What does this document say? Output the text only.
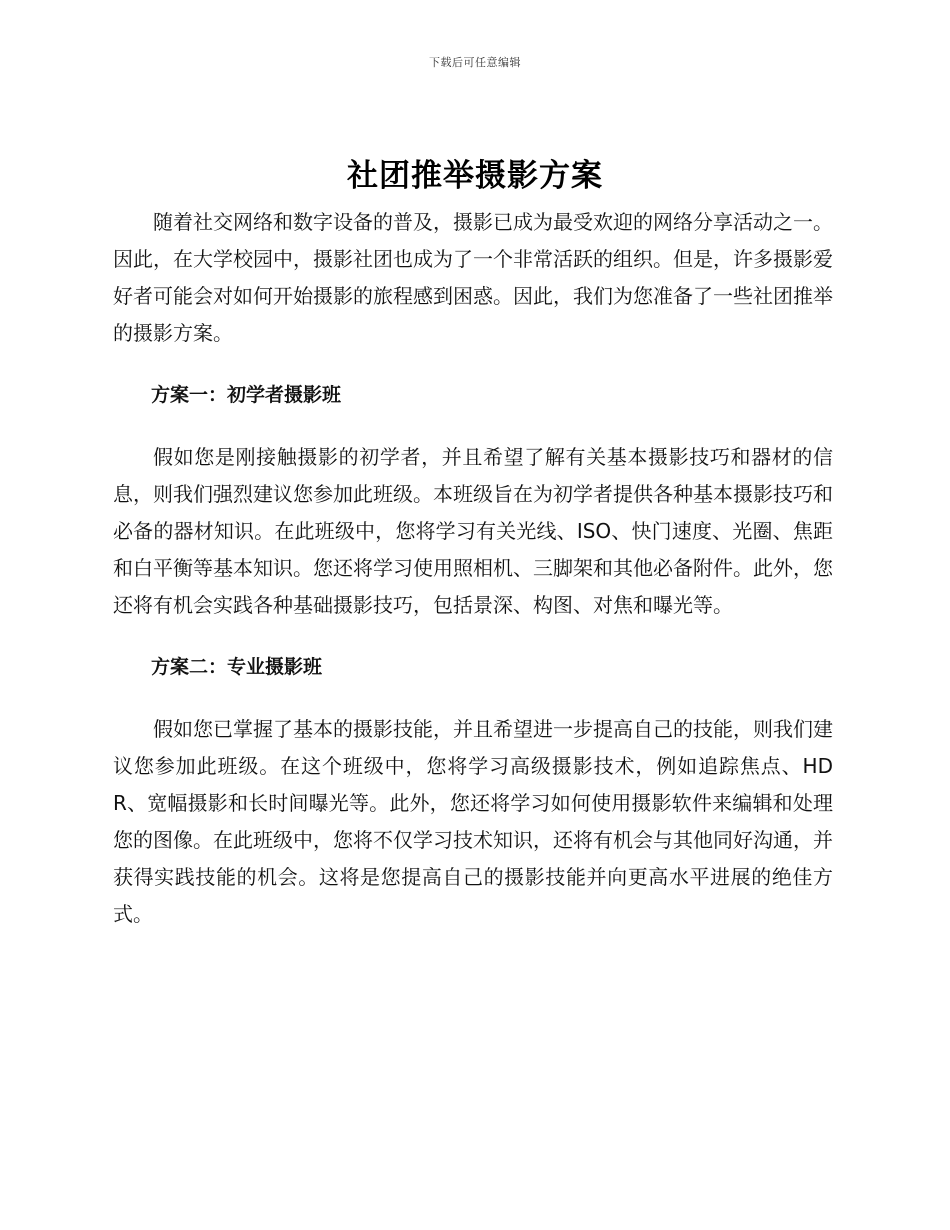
下载后可任意编辑
社团推举摄影方案

随着社交网络和数字设备的普及，摄影已成为最受欢迎的网络分享活动之一。因此，在大学校园中，摄影社团也成为了一个非常活跃的组织。但是，许多摄影爱好者可能会对如何开始摄影的旅程感到困惑。因此，我们为您准备了一些社团推举的摄影方案。

方案一：初学者摄影班

假如您是刚接触摄影的初学者，并且希望了解有关基本摄影技巧和器材的信息，则我们强烈建议您参加此班级。本班级旨在为初学者提供各种基本摄影技巧和必备的器材知识。在此班级中，您将学习有关光线、ISO、快门速度、光圈、焦距和白平衡等基本知识。您还将学习使用照相机、三脚架和其他必备附件。此外，您还将有机会实践各种基础摄影技巧，包括景深、构图、对焦和曝光等。

方案二：专业摄影班

假如您已掌握了基本的摄影技能，并且希望进一步提高自己的技能，则我们建议您参加此班级。在这个班级中，您将学习高级摄影技术，例如追踪焦点、HDR、宽幅摄影和长时间曝光等。此外，您还将学习如何使用摄影软件来编辑和处理您的图像。在此班级中，您将不仅学习技术知识，还将有机会与其他同好沟通，并获得实践技能的机会。这将是您提高自己的摄影技能并向更高水平进展的绝佳方式。
